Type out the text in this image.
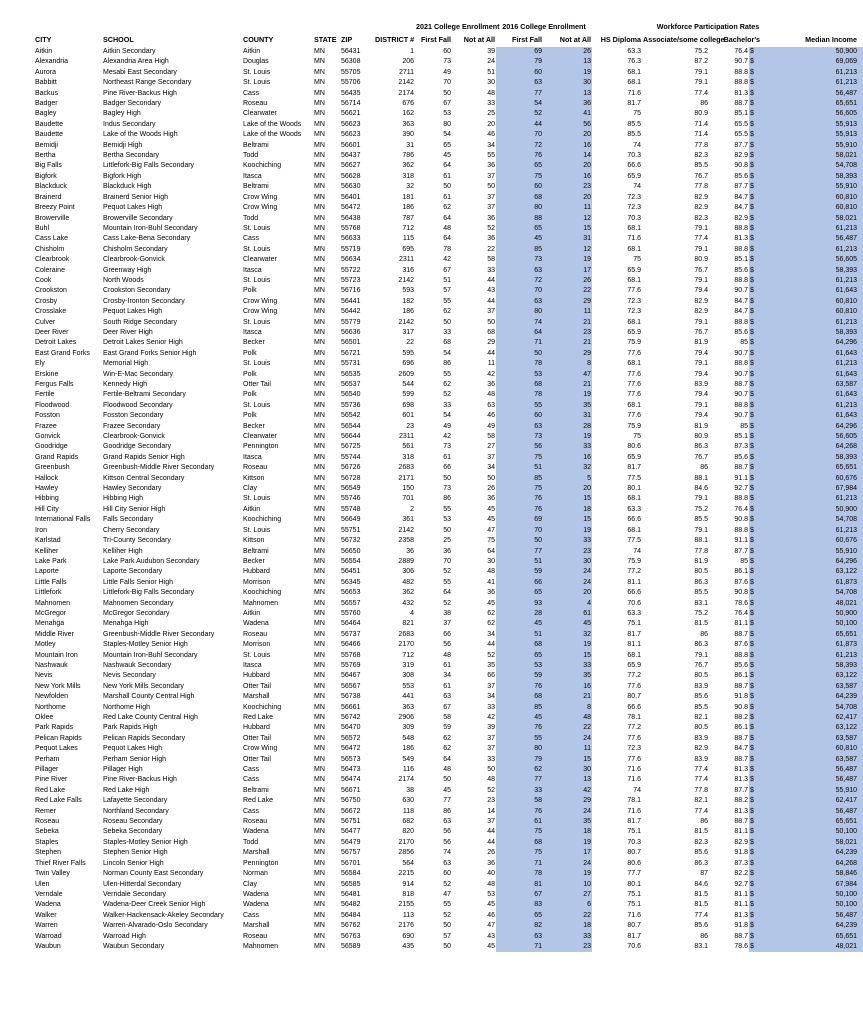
						2021 College Enrollment		2016 College Enrollment		Workforce Participation Rates				
CITY	SCHOOL	COUNTY	STATE	ZIP	DISTRICT #	First Fall	Not at All	First Fall	Not at All	HS Diploma	Associate/some college	Bachelor's		Median Income
Aitkin	Aitkin Secondary	Aitkin	MN	56431	1	60	39	69	26	63.3	75.2	76.4	$	50,900
Alexandria	Alexandria Area High	Douglas	MN	56308	206	73	24	79	13	76.3	87.2	90.7	$	69,069
Aurora	Mesabi East Secondary	St. Louis	MN	55705	2711	49	51	60	19	68.1	79.1	88.8	$	61,213
Babbitt	Northeast Range Secondary	St. Louis	MN	55706	2142	70	30	63	30	68.1	79.1	88.8	$	61,213
Backus	Pine River-Backus High	Cass	MN	56435	2174	50	48	77	13	71.6	77.4	81.3	$	56,487
Badger	Badger Secondary	Roseau	MN	56714	676	67	33	54	36	81.7	86	88.7	$	65,651
Bagley	Bagley High	Clearwater	MN	56621	162	53	25	52	41	75	80.9	85.1	$	56,605
Baudette	Indus Secondary	Lake of the Woods	MN	56623	363	80	20	44	56	85.5	71.4	65.5	$	55,913
Baudette	Lake of the Woods High	Lake of the Woods	MN	56623	390	54	46	70	20	85.5	71.4	65.5	$	55,913
Bemidji	Bemidji High	Beltrami	MN	56601	31	65	34	72	16	74	77.8	87.7	$	55,910
Bertha	Bertha Secondary	Todd	MN	56437	786	45	55	76	14	70.3	82.3	82.9	$	58,021
Big Falls	Littlefork-Big Falls Secondary	Koochiching	MN	56627	362	64	36	65	20	66.6	85.5	90.8	$	54,708
Bigfork	Bigfork High	Itasca	MN	56628	318	61	37	75	16	65.9	76.7	85.6	$	58,393
Blackduck	Blackduck High	Beltrami	MN	56630	32	50	50	60	23	74	77.8	87.7	$	55,910
Brainerd	Brainerd Senior High	Crow Wing	MN	56401	181	61	37	68	20	72.3	82.9	84.7	$	60,810
Breezy Point	Pequot Lakes High	Crow Wing	MN	56472	186	62	37	80	11	72.3	82.9	84.7	$	60,810
Browerville	Browerville Secondary	Todd	MN	56438	787	64	36	88	12	70.3	82.3	82.9	$	58,021
Buhl	Mountain Iron-Buhl Secondary	St. Louis	MN	55768	712	48	52	65	15	68.1	79.1	88.8	$	61,213
Cass Lake	Cass Lake-Bena Secondary	Cass	MN	56633	115	64	36	45	31	71.6	77.4	81.3	$	56,487
Chisholm	Chisholm Secondary	St. Louis	MN	55719	695	78	22	85	12	68.1	79.1	88.8	$	61,213
Clearbrook	Clearbrook-Gonvick	Clearwater	MN	56634	2311	42	58	73	19	75	80.9	85.1	$	56,605
Coleraine	Greenway High	Itasca	MN	55722	316	67	33	63	17	65.9	76.7	85.6	$	58,393
Cook	North Woods	St. Louis	MN	55723	2142	51	44	72	26	68.1	79.1	88.8	$	61,213
Crookston	Crookston Secondary	Polk	MN	56716	593	57	43	70	22	77.6	79.4	90.7	$	61,643
Crosby	Crosby-Ironton Secondary	Crow Wing	MN	56441	182	55	44	63	29	72.3	82.9	84.7	$	60,810
Crosslake	Pequot Lakes High	Crow Wing	MN	56442	186	62	37	80	11	72.3	82.9	84.7	$	60,810
Culver	South Ridge Secondary	St. Louis	MN	55779	2142	50	50	74	21	68.1	79.1	88.8	$	61,213
Deer River	Deer River High	Itasca	MN	56636	317	33	68	64	23	65.9	76.7	85.6	$	58,393
Detroit Lakes	Detroit Lakes Senior High	Becker	MN	56501	22	68	29	71	21	75.9	81.9	85	$	64,296
East Grand Forks	East Grand Forks Senior High	Polk	MN	56721	595	54	44	50	29	77.6	79.4	90.7	$	61,643
Ely	Memorial High	St. Louis	MN	55731	696	86	11	78	8	68.1	79.1	88.8	$	61,213
Erskine	Win-E-Mac Secondary	Polk	MN	56535	2609	55	42	53	47	77.6	79.4	90.7	$	61,643
Fergus Falls	Kennedy High	Otter Tail	MN	56537	544	62	36	68	21	77.6	83.9	88.7	$	63,587
Fertile	Fertile-Beltrami Secondary	Polk	MN	56540	599	52	48	78	19	77.6	79.4	90.7	$	61,643
Floodwood	Floodwood Secondary	St. Louis	MN	55736	698	33	63	55	35	68.1	79.1	88.8	$	61,213
Fosston	Fosston Secondary	Polk	MN	56542	601	54	46	60	31	77.6	79.4	90.7	$	61,643
Frazee	Frazee Secondary	Becker	MN	56544	23	49	49	63	28	75.9	81.9	85	$	64,296
Gonvick	Clearbrook-Gonvick	Clearwater	MN	56644	2311	42	58	73	19	75	80.9	85.1	$	56,605
Goodridge	Goodridge Secondary	Pennington	MN	56725	561	73	27	56	33	80.6	86.3	87.3	$	64,268
Grand Rapids	Grand Rapids Senior High	Itasca	MN	55744	318	61	37	75	16	65.9	76.7	85.6	$	58,393
Greenbush	Greenbush-Middle River Secondary	Roseau	MN	56726	2683	66	34	51	32	81.7	86	88.7	$	65,651
Hallock	Kittson Central Secondary	Kittson	MN	56728	2171	50	50	85	5	77.5	88.1	91.1	$	60,676
Hawley	Hawley Secondary	Clay	MN	56549	150	73	26	75	20	80.1	84.6	92.7	$	67,984
Hibbing	Hibbing High	St. Louis	MN	55746	701	86	36	76	15	68.1	79.1	88.8	$	61,213
Hill City	Hill City Senior High	Aitkin	MN	55748	2	55	45	76	18	63.3	75.2	76.4	$	50,900
International Falls	Falls Secondary	Koochiching	MN	56649	361	53	45	69	15	66.6	85.5	90.8	$	54,708
Iron	Cherry Secondary	St. Louis	MN	55751	2142	50	47	70	19	68.1	79.1	88.8	$	61,213
Karlstad	Tri-County Secondary	Kittson	MN	56732	2358	25	75	50	33	77.5	88.1	91.1	$	60,676
Kelliher	Kelliher High	Beltrami	MN	56650	36	36	64	77	23	74	77.8	87.7	$	55,910
Lake Park	Lake Park Audubon Secondary	Becker	MN	56554	2889	70	30	51	30	75.9	81.9	85	$	64,296
Laporte	Laporte Secondary	Hubbard	MN	56451	306	52	48	59	24	77.2	80.5	86.1	$	63,122
Little Falls	Little Falls Senior High	Morrison	MN	56345	482	55	41	66	24	81.1	86.3	87.6	$	61,873
Littlefork	Littlefork-Big Falls Secondary	Koochiching	MN	56653	362	64	36	65	20	66.6	85.5	90.8	$	54,708
Mahnomen	Mahnomen Secondary	Mahnomen	MN	56557	432	52	45	93	4	70.6	83.1	78.6	$	48,021
McGregor	McGregor Secondary	Aitkin	MN	55760	4	38	62	28	61	63.3	75.2	76.4	$	50,900
Menahga	Menahga High	Wadena	MN	56464	821	37	62	45	45	75.1	81.5	81.1	$	50,100
Middle River	Greenbush-Middle River Secondary	Roseau	MN	56737	2683	66	34	51	32	81.7	86	88.7	$	65,651
Motley	Staples-Motley Senior High	Morrison	MN	56466	2170	56	44	68	19	81.1	86.3	87.6	$	61,873
Mountain Iron	Mountain Iron-Buhl Secondary	St. Louis	MN	55768	712	48	52	65	15	68.1	79.1	88.8	$	61,213
Nashwauk	Nashwauk Secondary	Itasca	MN	55769	319	61	35	53	33	65.9	76.7	85.6	$	58,393
Nevis	Nevis Secondary	Hubbard	MN	56467	308	34	66	59	35	77.2	80.5	86.1	$	63,122
New York Mills	New York Mills Secondary	Otter Tail	MN	56567	553	61	37	76	16	77.6	83.9	88.7	$	63,587
Newfolden	Marshall County Central High	Marshall	MN	56738	441	63	34	68	21	80.7	85.6	91.8	$	64,239
Northome	Northome High	Koochiching	MN	56661	363	67	33	85	8	66.6	85.5	90.8	$	54,708
Oklee	Red Lake County Central High	Red Lake	MN	56742	2906	58	42	45	48	78.1	82.1	88.2	$	62,417
Park Rapids	Park Rapids High	Hubbard	MN	56470	309	59	39	76	22	77.2	80.5	86.1	$	63,122
Pelican Rapids	Pelican Rapids Secondary	Otter Tail	MN	56572	548	62	37	55	24	77.6	83.9	88.7	$	63,587
Pequot Lakes	Pequot Lakes High	Crow Wing	MN	56472	186	62	37	80	11	72.3	82.9	84.7	$	60,810
Perham	Perham Senior High	Otter Tail	MN	56573	549	64	33	79	15	77.6	83.9	88.7	$	63,587
Pillager	Pillager High	Cass	MN	56473	116	48	50	62	30	71.6	77.4	81.3	$	56,487
Pine River	Pine River-Backus High	Cass	MN	56474	2174	50	48	77	13	71.6	77.4	81.3	$	56,487
Red Lake	Red Lake High	Beltrami	MN	56671	38	45	52	33	42	74	77.8	87.7	$	55,910
Red Lake Falls	Lafayette Secondary	Red Lake	MN	56750	630	77	23	58	29	78.1	82.1	88.2	$	62,417
Remer	Northland Secondary	Cass	MN	56672	118	86	14	76	24	71.6	77.4	81.3	$	56,487
Roseau	Roseau Secondary	Roseau	MN	56751	682	63	37	61	35	81.7	86	88.7	$	65,651
Sebeka	Sebeka Secondary	Wadena	MN	56477	820	56	44	75	18	75.1	81.5	81.1	$	50,100
Staples	Staples-Motley Senior High	Todd	MN	56479	2170	56	44	68	19	70.3	82.3	82.9	$	58,021
Stephen	Stephen Senior High	Marshall	MN	56757	2856	74	26	75	17	80.7	85.6	91.8	$	64,239
Thief River Falls	Lincoln Senior High	Pennington	MN	56701	564	63	36	71	24	80.6	86.3	87.3	$	64,268
Twin Valley	Norman County East Secondary	Norman	MN	56584	2215	60	40	78	19	77.7	87	82.2	$	58,846
Ulen	Ulen-Hitterdal Secondary	Clay	MN	56585	914	52	48	81	10	80.1	84.6	92.7	$	67,984
Verndale	Verndale Secondary	Wadena	MN	56481	818	47	53	67	27	75.1	81.5	81.1	$	50,100
Wadena	Wadena-Deer Creek Senior High	Wadena	MN	56482	2155	55	45	83	6	75.1	81.5	81.1	$	50,100
Walker	Walker-Hackensack-Akeley Secondary	Cass	MN	56484	113	52	46	65	22	71.6	77.4	81.3	$	56,487
Warren	Warren-Alvarado-Oslo Secondary	Marshall	MN	56762	2176	50	47	82	18	80.7	85.6	91.8	$	64,239
Warroad	Warroad High	Roseau	MN	56763	690	57	43	63	33	81.7	86	88.7	$	65,651
Waubun	Waubun Secondary	Mahnomen	MN	56589	435	50	45	71	23	70.6	83.1	78.6	$	48,021
